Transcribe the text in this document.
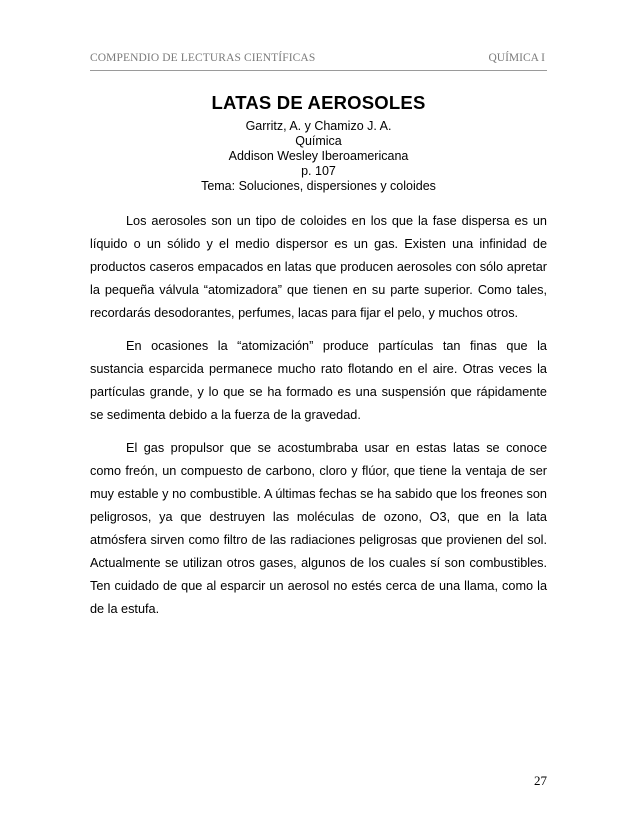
COMPENDIO DE LECTURAS CIENTÍFICAS	QUÍMICA I
LATAS DE AEROSOLES
Garritz, A. y Chamizo J. A.
Química
Addison Wesley Iberoamericana
p. 107
Tema: Soluciones, dispersiones y coloides

Los aerosoles son un tipo de coloides en los que la fase dispersa es un líquido o un sólido y el medio dispersor es un gas. Existen una infinidad de productos caseros empacados en latas que producen aerosoles con sólo apretar la pequeña válvula “atomizadora” que tienen en su parte superior. Como tales, recordarás desodorantes, perfumes, lacas para fijar el pelo, y muchos otros.

En ocasiones la “atomización” produce partículas tan finas que la sustancia esparcida permanece mucho rato flotando en el aire. Otras veces la partículas grande, y lo que se ha formado es una suspensión que rápidamente se sedimenta debido a la fuerza de la gravedad.

El gas propulsor que se acostumbraba usar en estas latas se conoce como freón, un compuesto de carbono, cloro y flúor, que tiene la ventaja de ser muy estable y no combustible. A últimas fechas se ha sabido que los freones son peligrosos, ya que destruyen las moléculas de ozono, O3, que en la lata atmósfera sirven como filtro de las radiaciones peligrosas que provienen del sol. Actualmente se utilizan otros gases, algunos de los cuales sí son combustibles. Ten cuidado de que al esparcir un aerosol no estés cerca de una llama, como la de la estufa.

27
